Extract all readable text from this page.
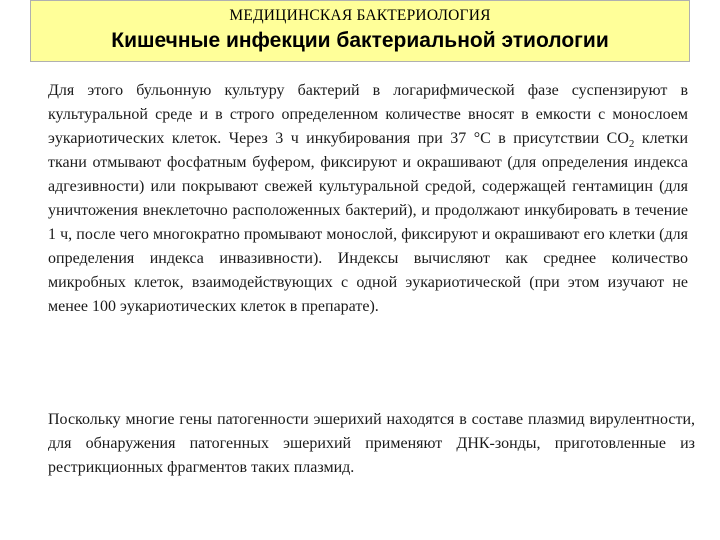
МЕДИЦИНСКАЯ БАКТЕРИОЛОГИЯ
Кишечные инфекции бактериальной этиологии

Для этого бульонную культуру бактерий в логарифмической фазе суспензируют в культуральной среде и в строго определенном количестве вносят в емкости с монослоем эукариотических клеток. Через 3 ч инкубирования при 37 °С в присутствии $СО_2$ клетки ткани отмывают фосфатным буфером, фиксируют и окрашивают (для определения индекса адгезивности) или покрывают свежей культуральной средой, содержащей гентамицин (для уничтожения внеклеточно расположенных бактерий), и продолжают инкубировать в течение 1 ч, после чего многократно промывают монослой, фиксируют и окрашивают его клетки (для определения индекса инвазивности). Индексы вычисляют как среднее количество микробных клеток, взаимодействующих с одной эукариотической (при этом изучают не менее 100 эукариотических клеток в препарате).

Поскольку многие гены патогенности эшерихий находятся в составе плазмид вирулентности, для обнаружения патогенных эшерихий применяют ДНК-зонды, приготовленные из рестрикционных фрагментов таких плазмид.
